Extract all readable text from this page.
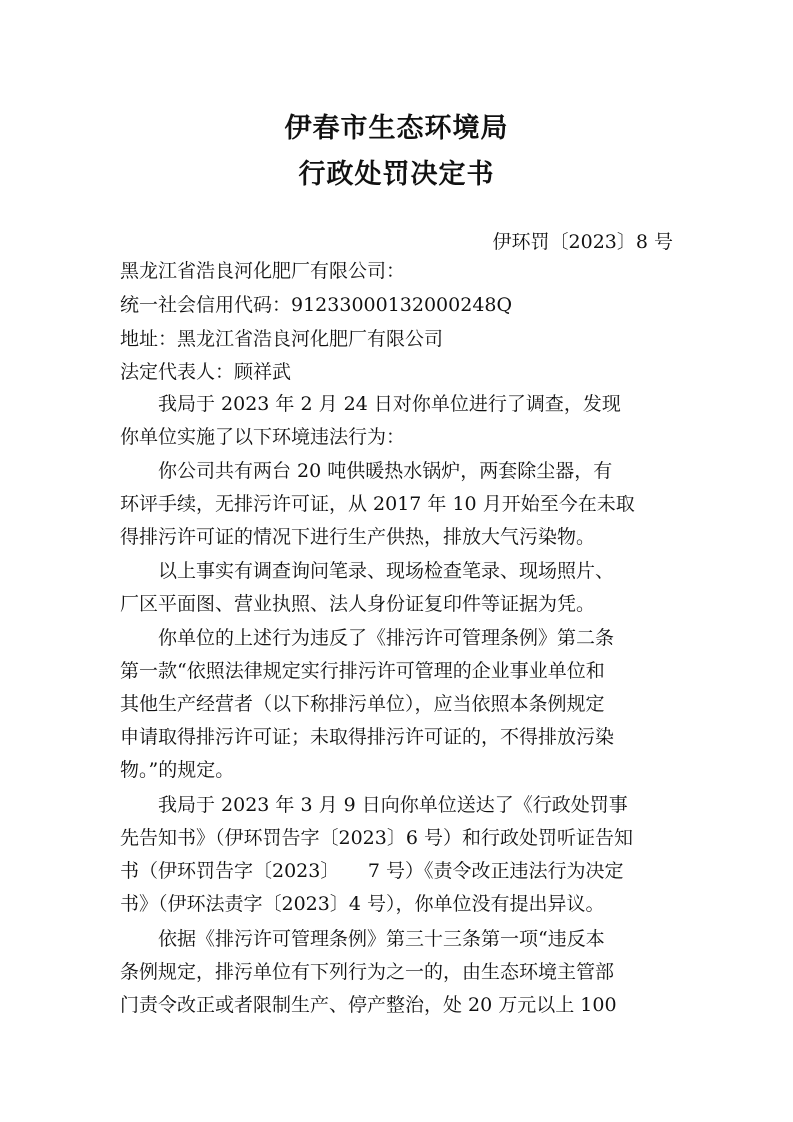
伊春市生态环境局
行政处罚决定书
伊环罚〔2023〕8 号
黑龙江省浩良河化肥厂有限公司：
统一社会信用代码：91233000132000248Q
地址：黑龙江省浩良河化肥厂有限公司
法定代表人：顾祥武
我局于 2023 年 2 月 24 日对你单位进行了调查，发现
你单位实施了以下环境违法行为：
你公司共有两台 20 吨供暖热水锅炉，两套除尘器，有
环评手续，无排污许可证，从 2017 年 10 月开始至今在未取
得排污许可证的情况下进行生产供热，排放大气污染物。
以上事实有调查询问笔录、现场检查笔录、现场照片、
厂区平面图、营业执照、法人身份证复印件等证据为凭。
你单位的上述行为违反了《排污许可管理条例》第二条
第一款“依照法律规定实行排污许可管理的企业事业单位和
其他生产经营者（以下称排污单位），应当依照本条例规定
申请取得排污许可证；未取得排污许可证的，不得排放污染
物。”的规定。
我局于 2023 年 3 月 9 日向你单位送达了《行政处罚事
先告知书》（伊环罚告字〔2023〕6 号）和行政处罚听证告知
书（伊环罚告字〔2023〕　　7 号）《责令改正违法行为决定
书》（伊环法责字〔2023〕4 号），你单位没有提出异议。
依据《排污许可管理条例》第三十三条第一项“违反本
条例规定，排污单位有下列行为之一的，由生态环境主管部
门责令改正或者限制生产、停产整治，处 20 万元以上 100
